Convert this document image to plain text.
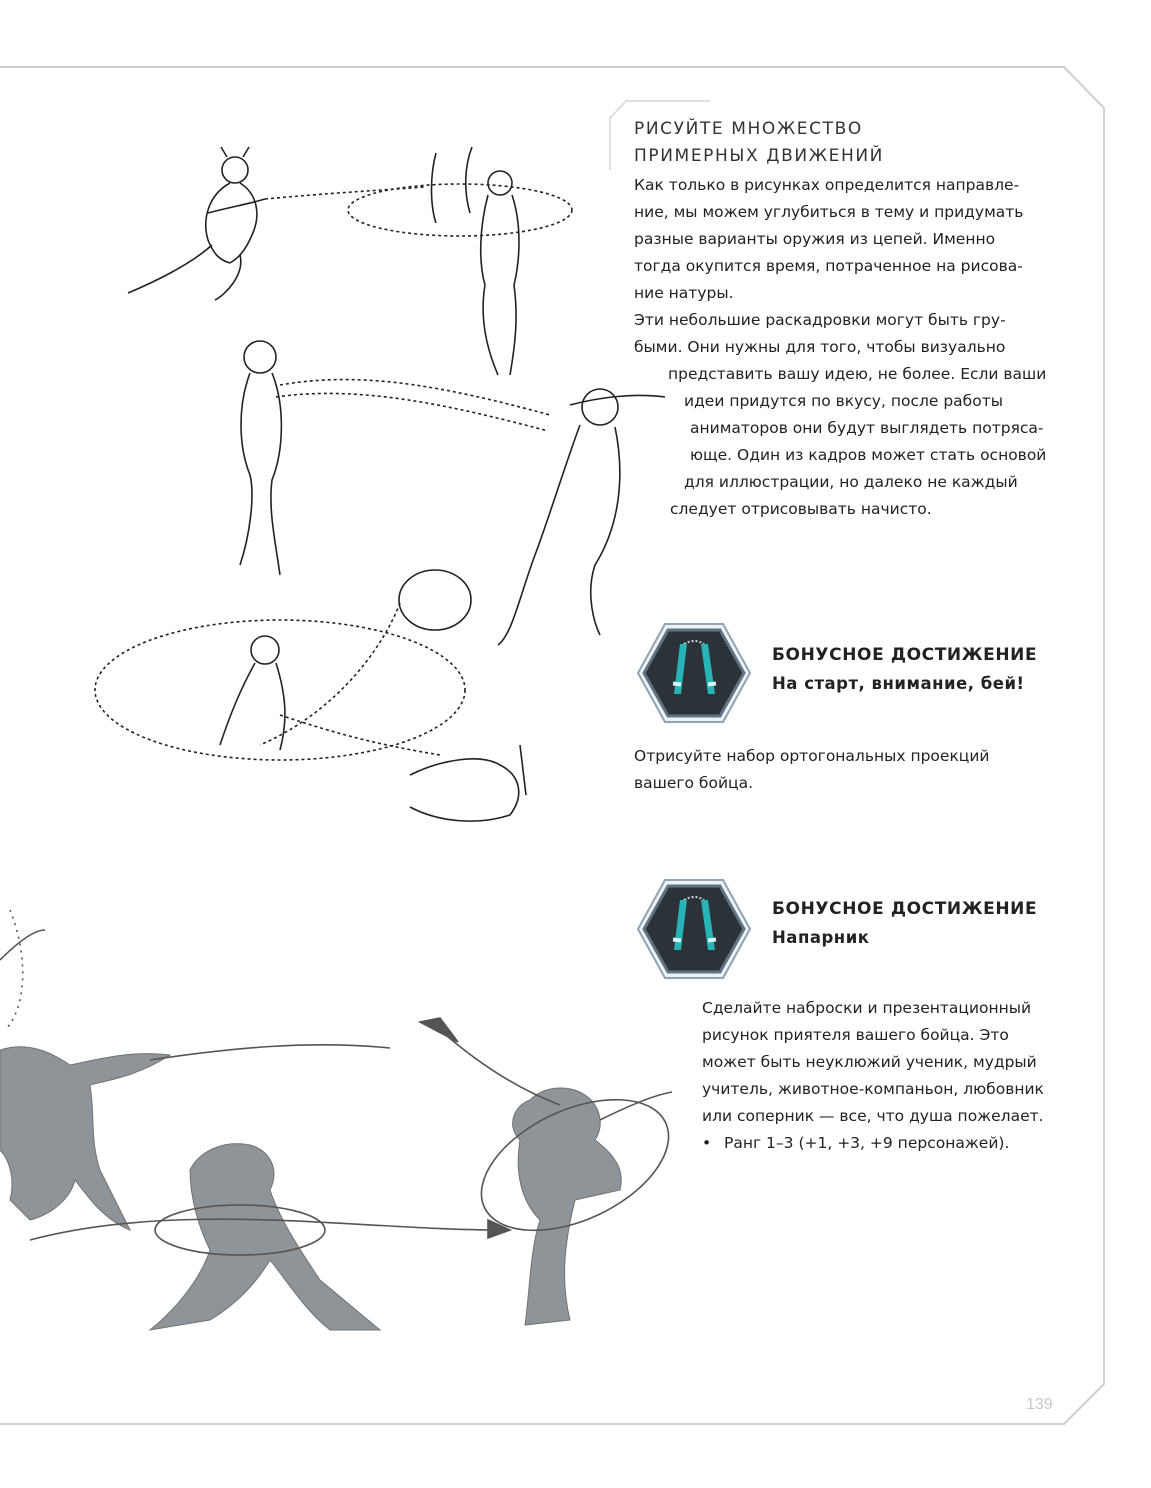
РИСУЙТЕ МНОЖЕСТВО
ПРИМЕРНЫХ ДВИЖЕНИЙ
Как только в рисунках определится направле-
ние, мы можем углубиться в тему и придумать
разные варианты оружия из цепей. Именно
тогда окупится время, потраченное на рисова-
ние натуры.
Эти небольшие раскадровки могут быть гру-
быми. Они нужны для того, чтобы визуально
представить вашу идею, не более. Если ваши
идеи придутся по вкусу, после работы
аниматоров они будут выглядеть потряса-
юще. Один из кадров может стать основой
для иллюстрации, но далеко не каждый
следует отрисовывать начисто.
БОНУСНОЕ ДОСТИЖЕНИЕ
На старт, внимание, бей!
Отрисуйте набор ортогональных проекций
вашего бойца.
БОНУСНОЕ ДОСТИЖЕНИЕ
Напарник
Сделайте наброски и презентационный
рисунок приятеля вашего бойца. Это
может быть неуклюжий ученик, мудрый
учитель, животное-компаньон, любовник
или соперник — все, что душа пожелает.
• Ранг 1–3 (+1, +3, +9 персонажей).
139
